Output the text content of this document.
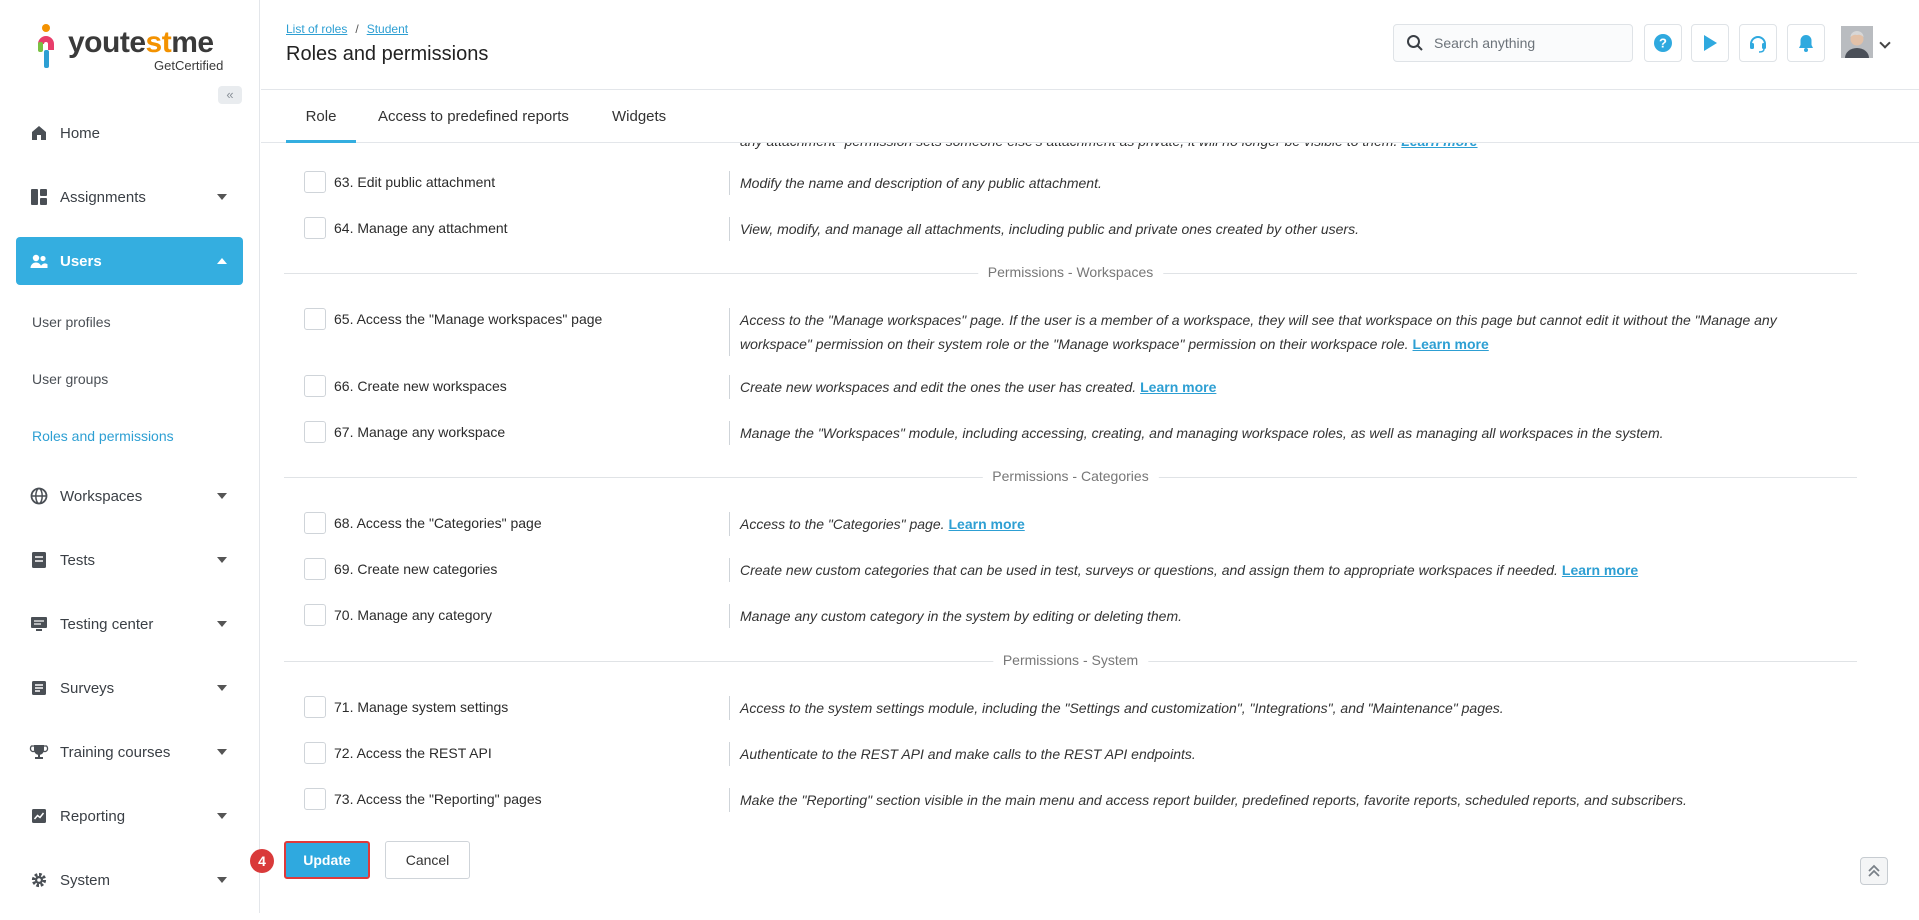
youtestme
GetCertified
«
Home
Assignments
Users
User profiles
User groups
Roles and permissions
Workspaces
Tests
Testing center
Surveys
Training courses
Reporting
System
List of roles / Student
Roles and permissions
Search anything	?
Role	Access to predefined reports	Widgets
63. Edit public attachment	Modify the name and description of any public attachment.
64. Manage any attachment	View, modify, and manage all attachments, including public and private ones created by other users.
Permissions - Workspaces
65. Access the "Manage workspaces" page	Access to the "Manage workspaces" page. If the user is a member of a workspace, they will see that workspace on this page but cannot edit it without the "Manage any workspace" permission on their system role or the "Manage workspace" permission on their workspace role. Learn more
66. Create new workspaces	Create new workspaces and edit the ones the user has created. Learn more
67. Manage any workspace	Manage the "Workspaces" module, including accessing, creating, and managing workspace roles, as well as managing all workspaces in the system.
Permissions - Categories
68. Access the "Categories" page	Access to the "Categories" page. Learn more
69. Create new categories	Create new custom categories that can be used in test, surveys or questions, and assign them to appropriate workspaces if needed. Learn more
70. Manage any category	Manage any custom category in the system by editing or deleting them.
Permissions - System
71. Manage system settings	Access to the system settings module, including the "Settings and customization", "Integrations", and "Maintenance" pages.
72. Access the REST API	Authenticate to the REST API and make calls to the REST API endpoints.
73. Access the "Reporting" pages	Make the "Reporting" section visible in the main menu and access report builder, predefined reports, favorite reports, scheduled reports, and subscribers.
4	Update	Cancel
